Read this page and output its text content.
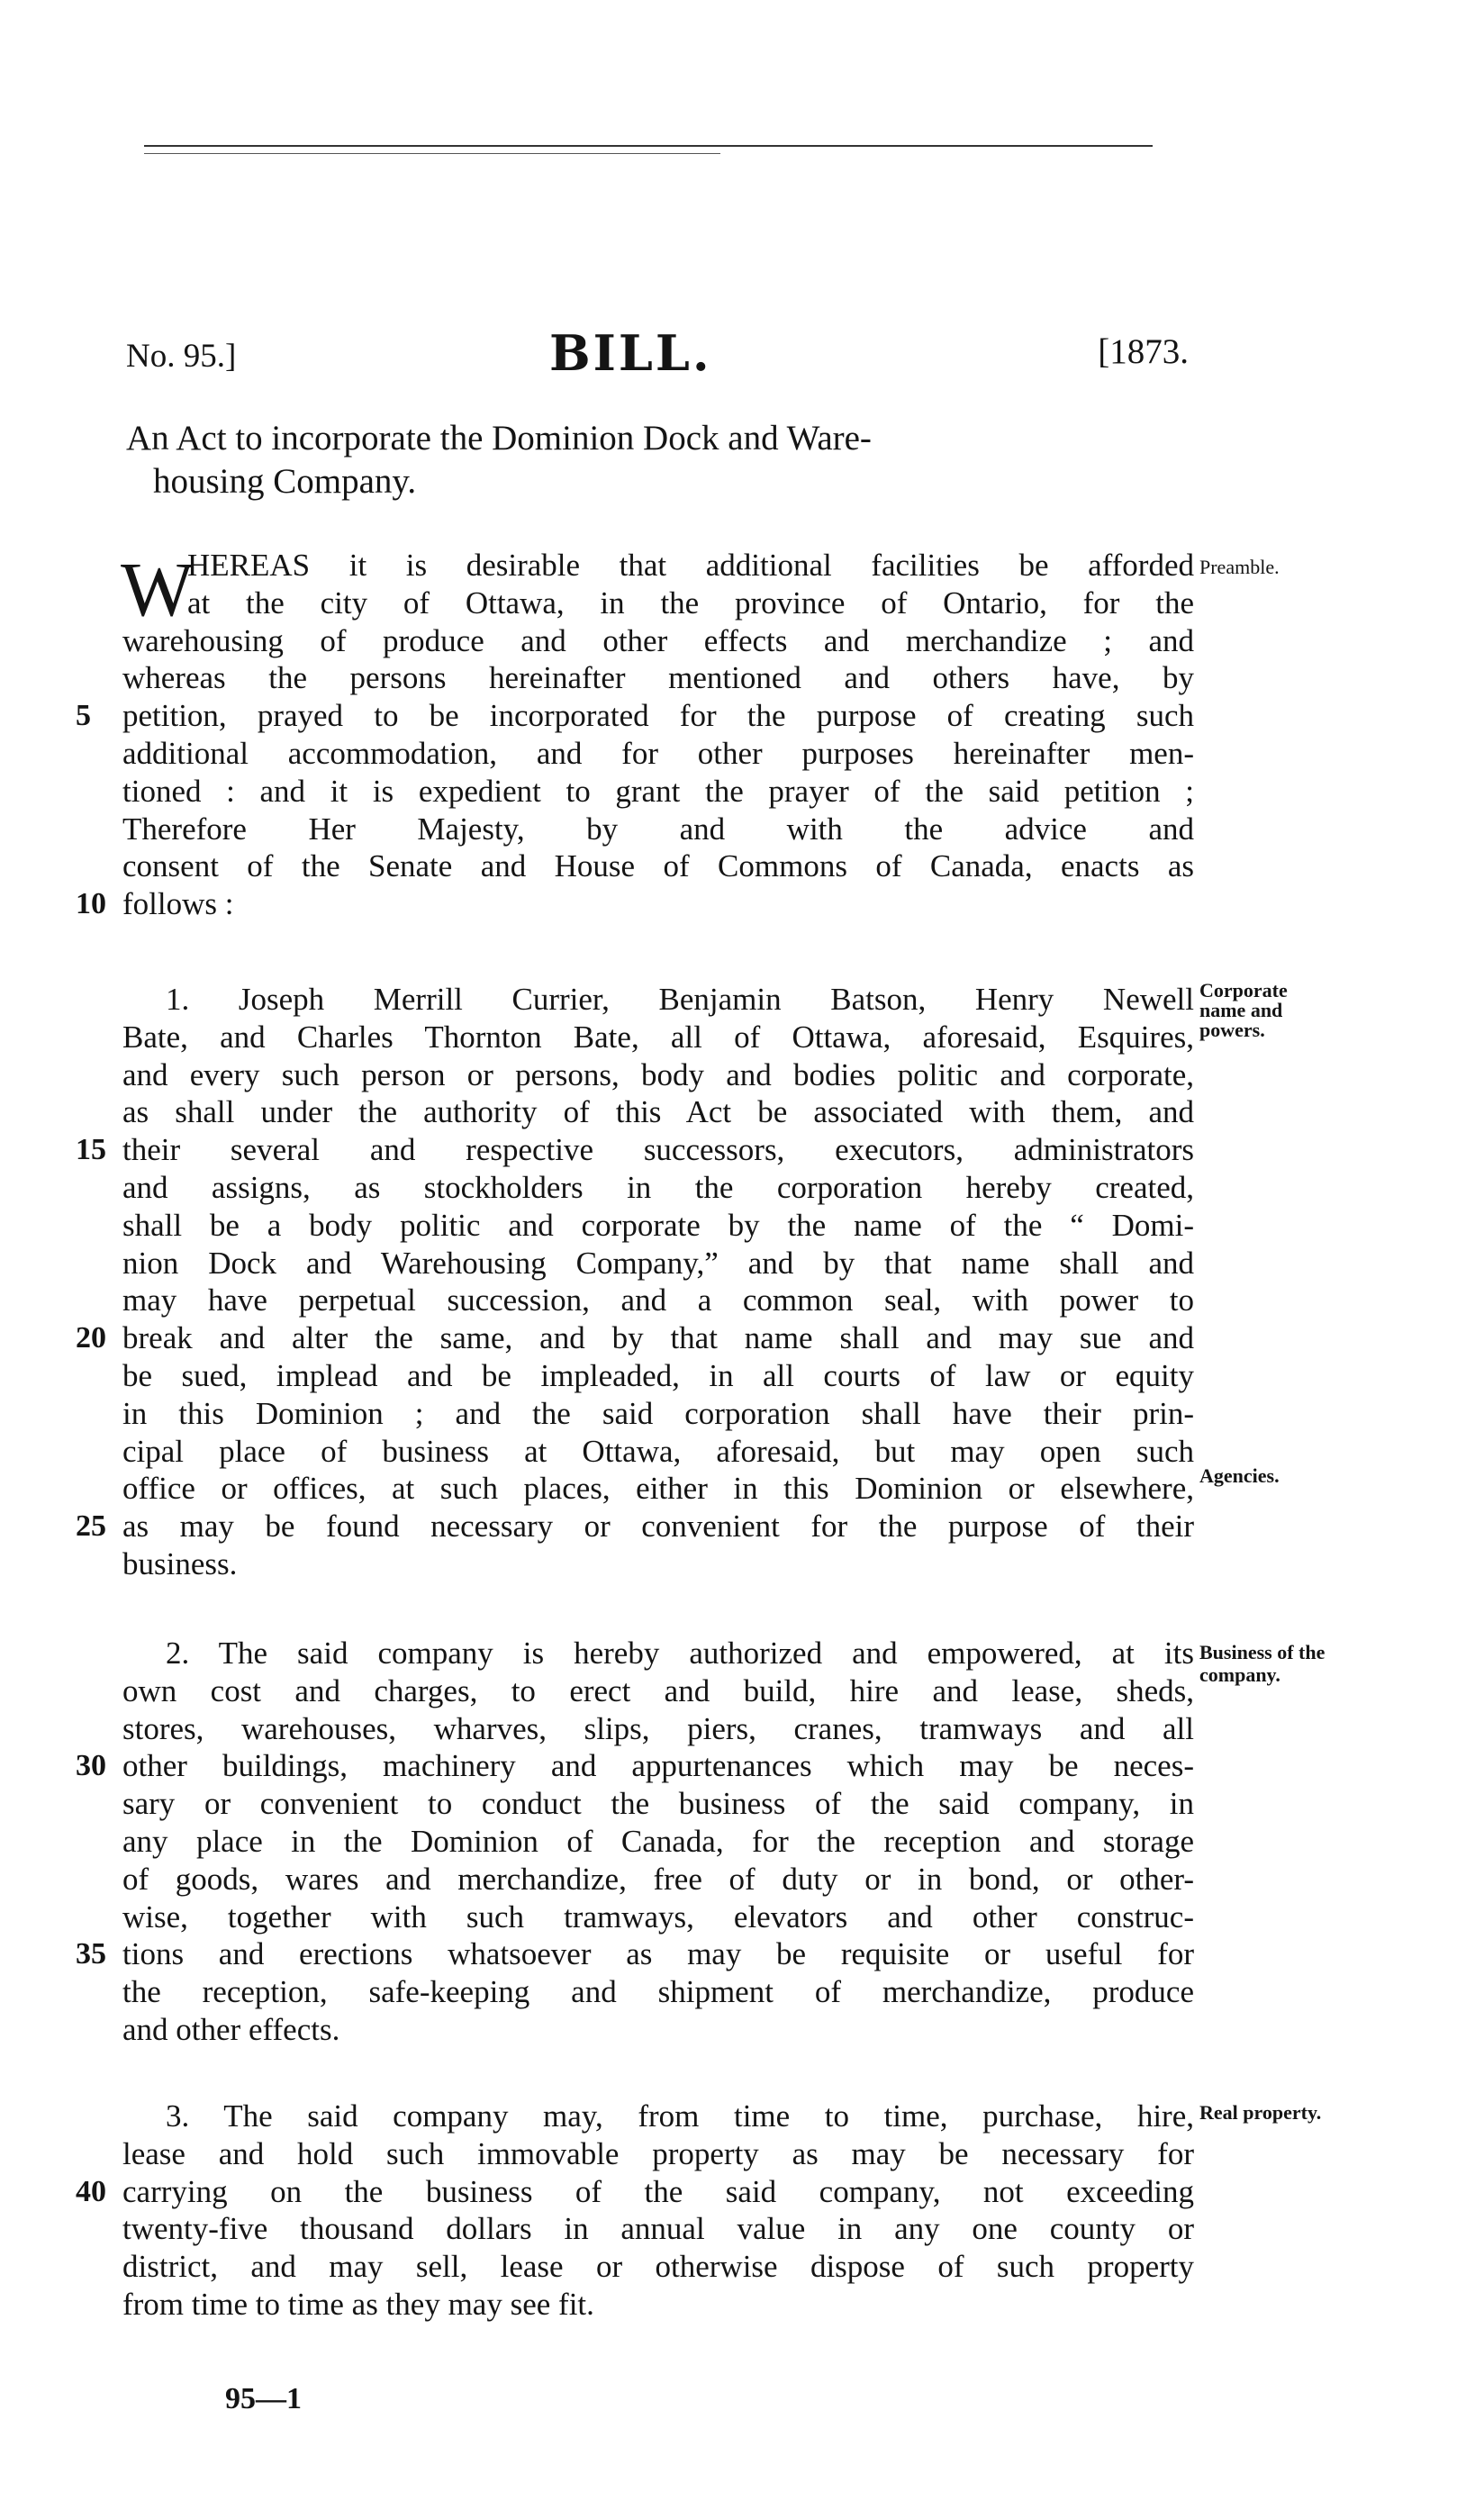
No. 95.]	BILL.	[1873.
An Act to incorporate the Dominion Dock and Ware-
housing Company.
W
HEREAS it is desirable that additional facilities be afforded
at the city of Ottawa, in the province of Ontario, for the
warehousing of produce and other effects and merchandize ; and
whereas the persons hereinafter mentioned and others have, by
5	petition, prayed to be incorporated for the purpose of creating such
additional accommodation, and for other purposes hereinafter men-
tioned : and it is expedient to grant the prayer of the said petition ;
Therefore Her Majesty, by and with the advice and
consent of the Senate and House of Commons of Canada, enacts as
10 follows :
1. Joseph Merrill Currier, Benjamin Batson, Henry Newell
Bate, and Charles Thornton Bate, all of Ottawa, aforesaid, Esquires,
and every such person or persons, body and bodies politic and corporate,
as shall under the authority of this Act be associated with them, and
15 their several and respective successors, executors, administrators
and assigns, as stockholders in the corporation hereby created,
shall be a body politic and corporate by the name of the “ Domi-
nion Dock and Warehousing Company,” and by that name shall and
may have perpetual succession, and a common seal, with power to
20 break and alter the same, and by that name shall and may sue and
be sued, implead and be impleaded, in all courts of law or equity
in this Dominion ; and the said corporation shall have their prin-
cipal place of business at Ottawa, aforesaid, but may open such
office or offices, at such places, either in this Dominion or elsewhere,
25 as may be found necessary or convenient for the purpose of their
business.
2. The said company is hereby authorized and empowered, at its
own cost and charges, to erect and build, hire and lease, sheds,
stores, warehouses, wharves, slips, piers, cranes, tramways and all
30 other buildings, machinery and appurtenances which may be neces-
sary or convenient to conduct the business of the said company, in
any place in the Dominion of Canada, for the reception and storage
of goods, wares and merchandize, free of duty or in bond, or other-
wise, together with such tramways, elevators and other construc-
35 tions and erections whatsoever as may be requisite or useful for
the reception, safe-keeping and shipment of merchandize, produce
and other effects.
3. The said company may, from time to time, purchase, hire,
lease and hold such immovable property as may be necessary for
40 carrying on the business of the said company, not exceeding
twenty-five thousand dollars in annual value in any one county or
district, and may sell, lease or otherwise dispose of such property
from time to time as they may see fit.
Preamble.
Corporate
name and
powers.
Agencies.
Business of the
company.
Real property.
95—1
